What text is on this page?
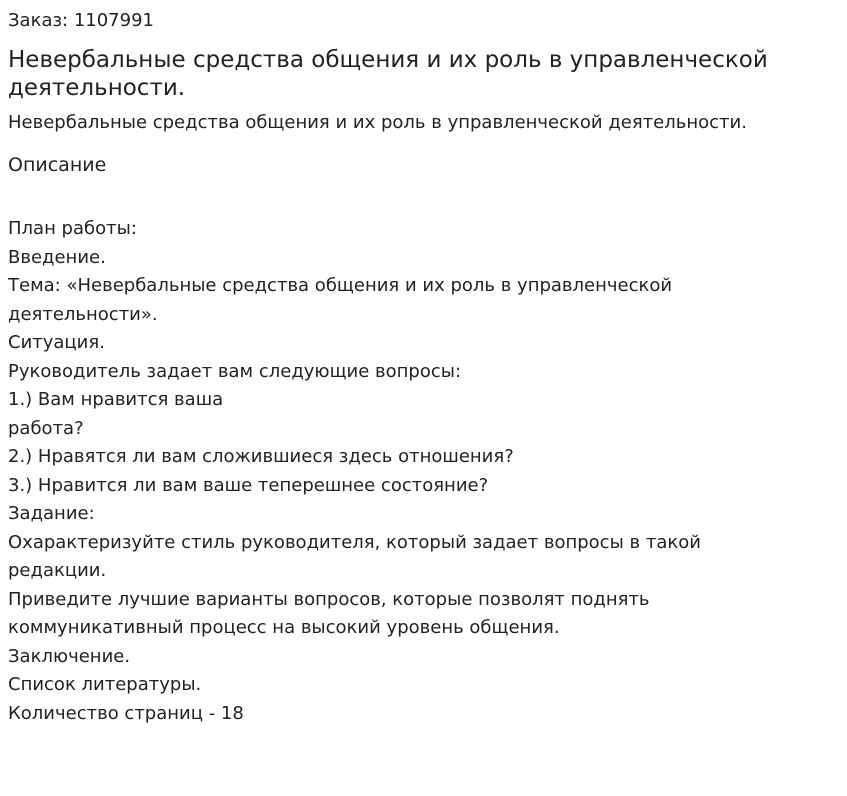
Заказ: 1107991

Невербальные средства общения и их роль в управленческой деятельности.

Невербальные средства общения и их роль в управленческой деятельности.

Описание

План работы:
Введение.
Тема: «Невербальные средства общения и их роль в управленческой деятельности».
Ситуация.
Руководитель задает вам следующие вопросы:
1.) Вам нравится ваша работа?
2.) Нравятся ли вам сложившиеся здесь отношения?
3.) Нравится ли вам ваше теперешнее состояние?
Задание:
Охарактеризуйте стиль руководителя, который задает вопросы в такой редакции.
Приведите лучшие варианты вопросов, которые позволят поднять коммуникативный процесс на высокий уровень общения.
Заключение.
Список литературы.
Количество страниц - 18
